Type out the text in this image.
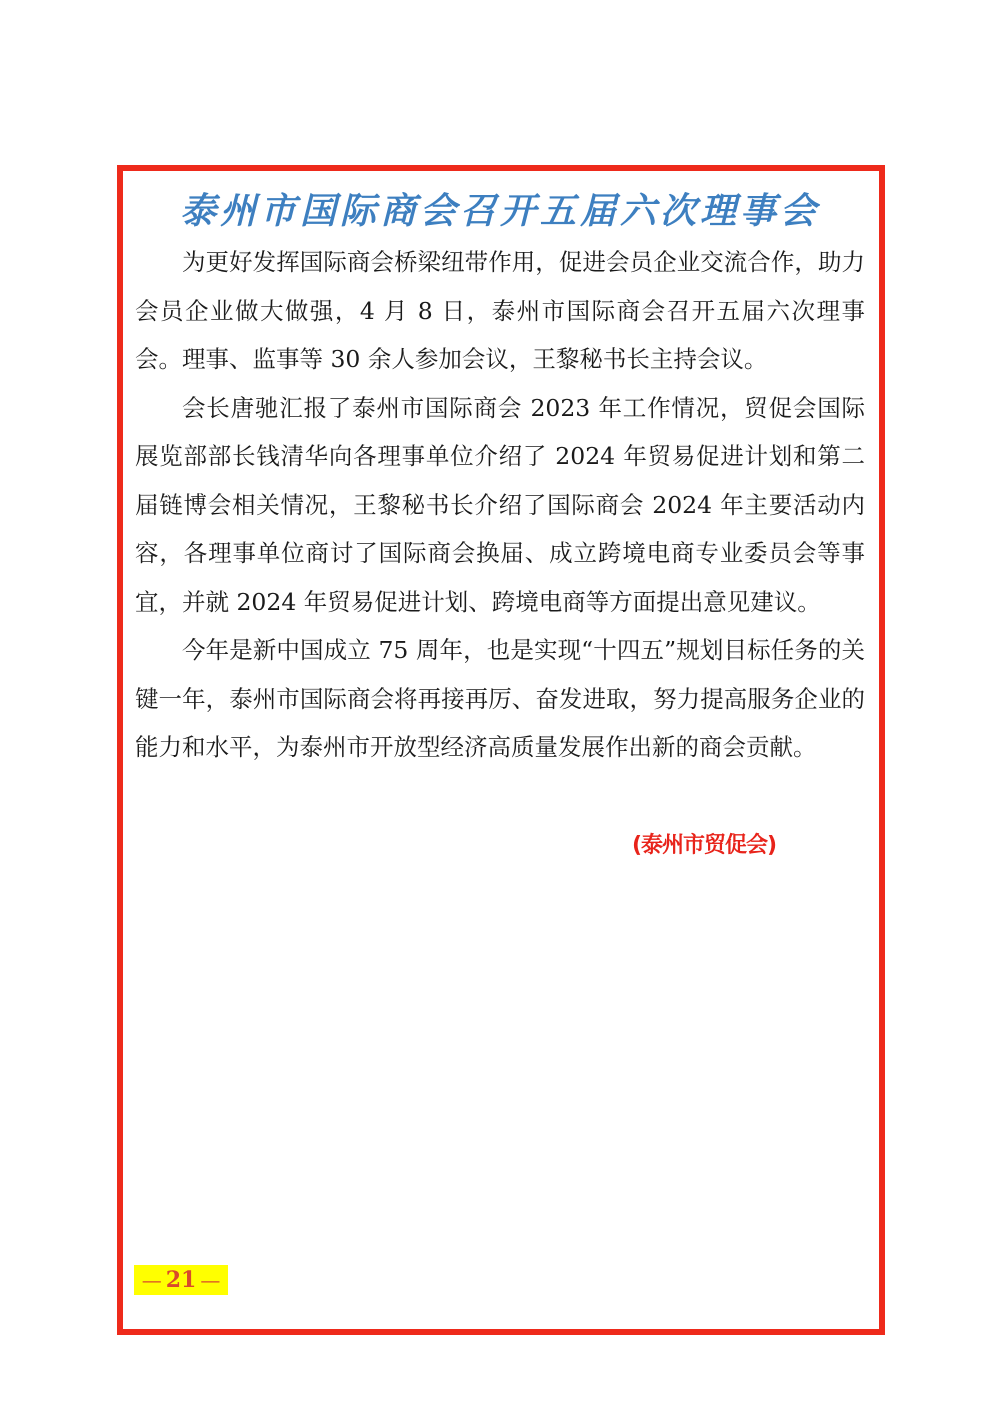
泰州市国际商会召开五届六次理事会

为更好发挥国际商会桥梁纽带作用，促进会员企业交流合作，助力会员企业做大做强，4 月 8 日，泰州市国际商会召开五届六次理事会。理事、监事等 30 余人参加会议，王黎秘书长主持会议。

会长唐驰汇报了泰州市国际商会 2023 年工作情况，贸促会国际展览部部长钱清华向各理事单位介绍了 2024 年贸易促进计划和第二届链博会相关情况，王黎秘书长介绍了国际商会 2024 年主要活动内容，各理事单位商讨了国际商会换届、成立跨境电商专业委员会等事宜，并就 2024 年贸易促进计划、跨境电商等方面提出意见建议。

今年是新中国成立 75 周年，也是实现“十四五”规划目标任务的关键一年，泰州市国际商会将再接再厉、奋发进取，努力提高服务企业的能力和水平，为泰州市开放型经济高质量发展作出新的商会贡献。

(泰州市贸促会)
— 21 —
